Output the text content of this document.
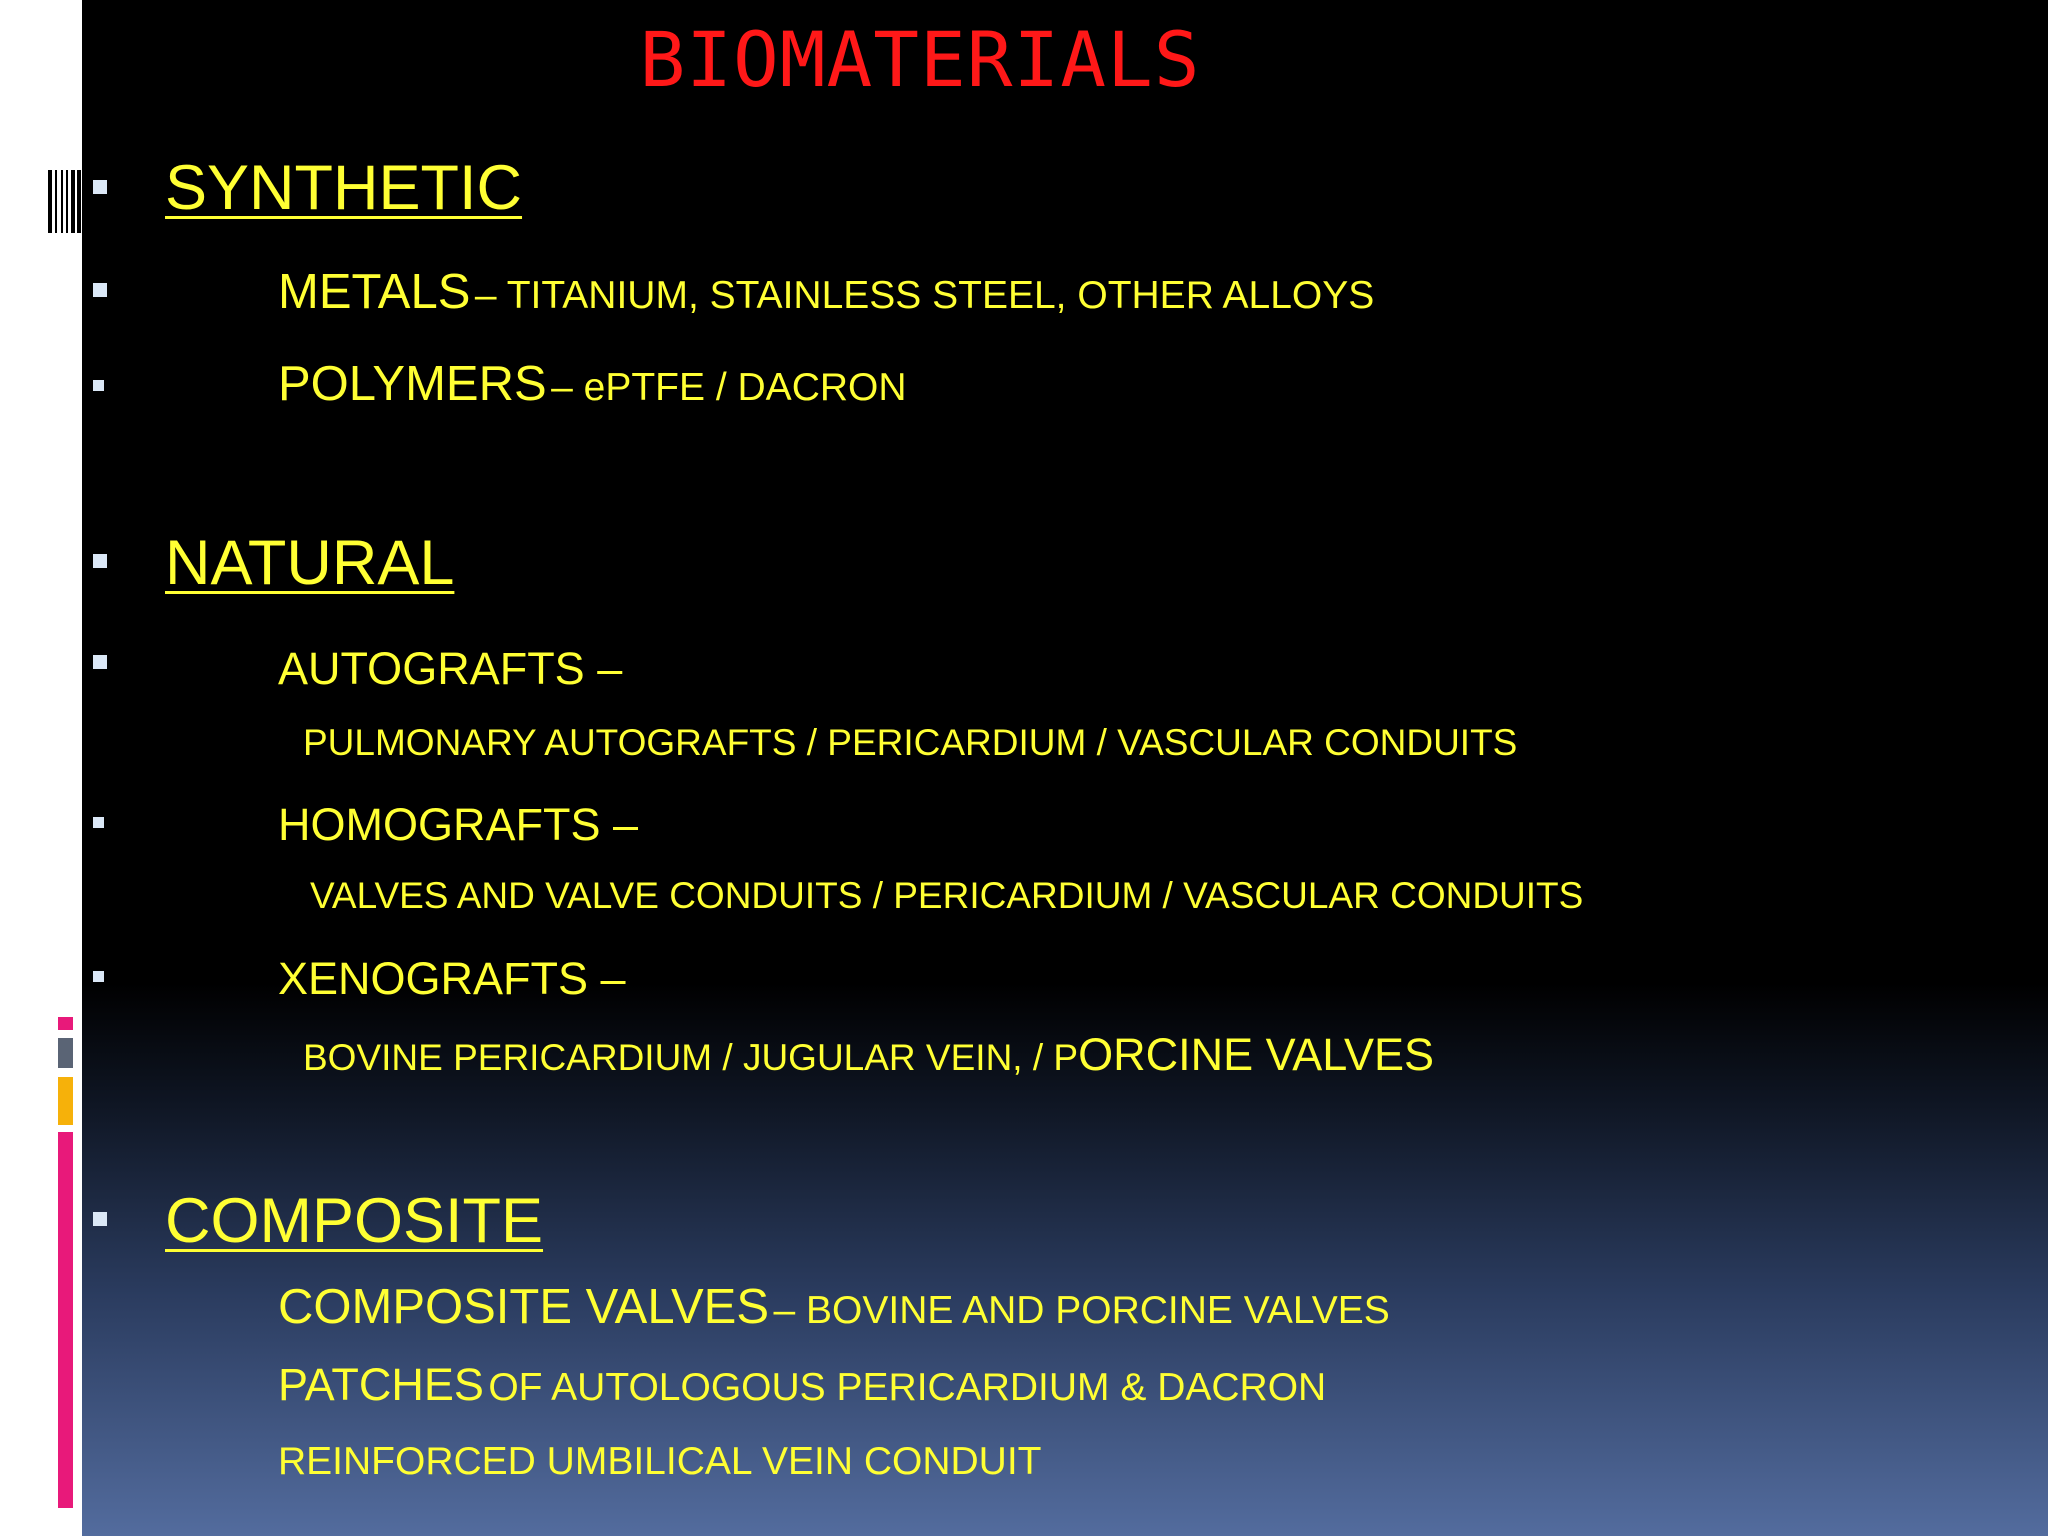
BIOMATERIALS
SYNTHETIC
METALS – TITANIUM, STAINLESS STEEL, OTHER ALLOYS
POLYMERS – ePTFE / DACRON
NATURAL
AUTOGRAFTS –
PULMONARY AUTOGRAFTS / PERICARDIUM / VASCULAR CONDUITS
HOMOGRAFTS –
VALVES AND VALVE CONDUITS / PERICARDIUM / VASCULAR CONDUITS
XENOGRAFTS –
BOVINE PERICARDIUM / JUGULAR VEIN, / PORCINE VALVES
COMPOSITE
COMPOSITE VALVES – BOVINE AND PORCINE VALVES
PATCHES OF AUTOLOGOUS PERICARDIUM & DACRON
REINFORCED UMBILICAL VEIN CONDUIT
